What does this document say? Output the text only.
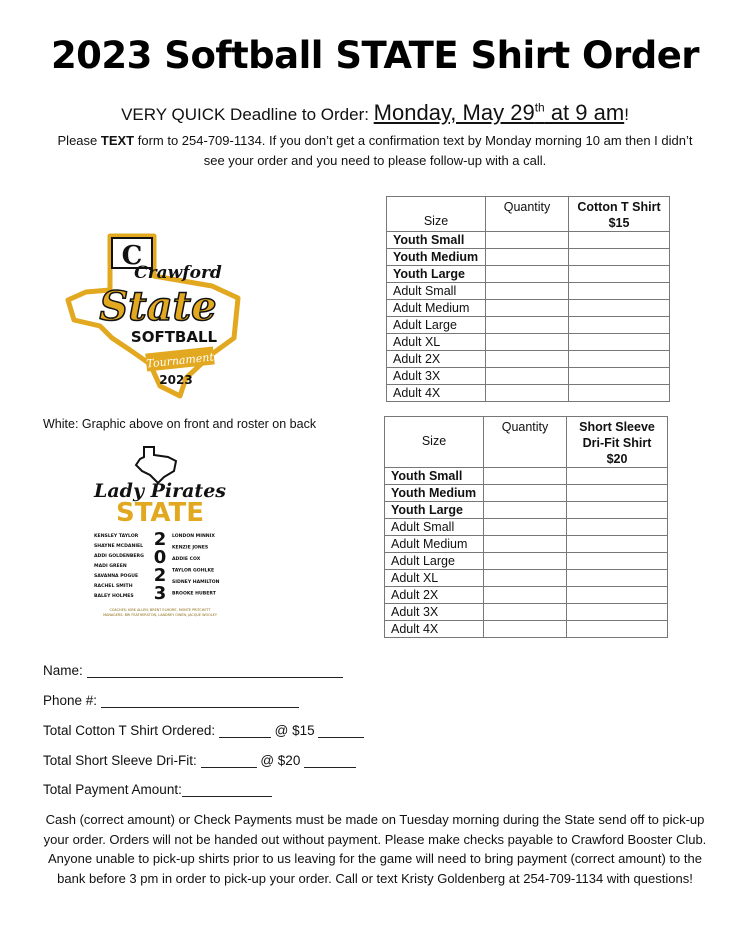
2023 Softball STATE Shirt Order
VERY QUICK Deadline to Order: Monday, May 29th at 9 am!
Please TEXT form to 254-709-1134. If you don’t get a confirmation text by Monday morning 10 am then I didn’t see your order and you need to please follow-up with a call.
Size	Quantity	Cotton T Shirt
$15
Youth Small		
Youth Medium		
Youth Large		
Adult Small		
Adult Medium		
Adult Large		
Adult XL		
Adult 2X		
Adult 3X		
Adult 4X		
Size	Quantity	Short Sleeve
Dri-Fit Shirt
$20
Youth Small		
Youth Medium		
Youth Large		
Adult Small		
Adult Medium		
Adult Large		
Adult XL		
Adult 2X		
Adult 3X		
Adult 4X		
C
Crawford
State
SOFTBALL
Tournament
2023
White: Graphic above on front and roster on back
Lady Pirates
STATE
KENSLEY TAYLOR
SHAYNE MCDANIEL
ADDI GOLDENBERG
MADI GREEN
SAVANNA POGUE
RACHEL SMITH
BALEY HOLMES
LONDON MINNIX
KENZIE JONES
ADDIE COX
TAYLOR GOHLKE
SIDNEY HAMILTON
BROOKE HUBERT
2
0
2
3
COACHES: KIRK ALLEN, BRENT ELMORE, MONTE PRITCHETT
MANAGERS: BRI FEATHERSTON, LANDREY OWEN, JACQUE WOOLEY
Name:
Phone #:
Total Cotton T Shirt Ordered:	@ $15
Total Short Sleeve Dri-Fit:	@ $20
Total Payment Amount:
Cash (correct amount) or Check Payments must be made on Tuesday morning during the State send off to pick-up your order. Orders will not be handed out without payment. Please make checks payable to Crawford Booster Club. Anyone unable to pick-up shirts prior to us leaving for the game will need to bring payment (correct amount) to the bank before 3 pm in order to pick-up your order. Call or text Kristy Goldenberg at 254-709-1134 with questions!
